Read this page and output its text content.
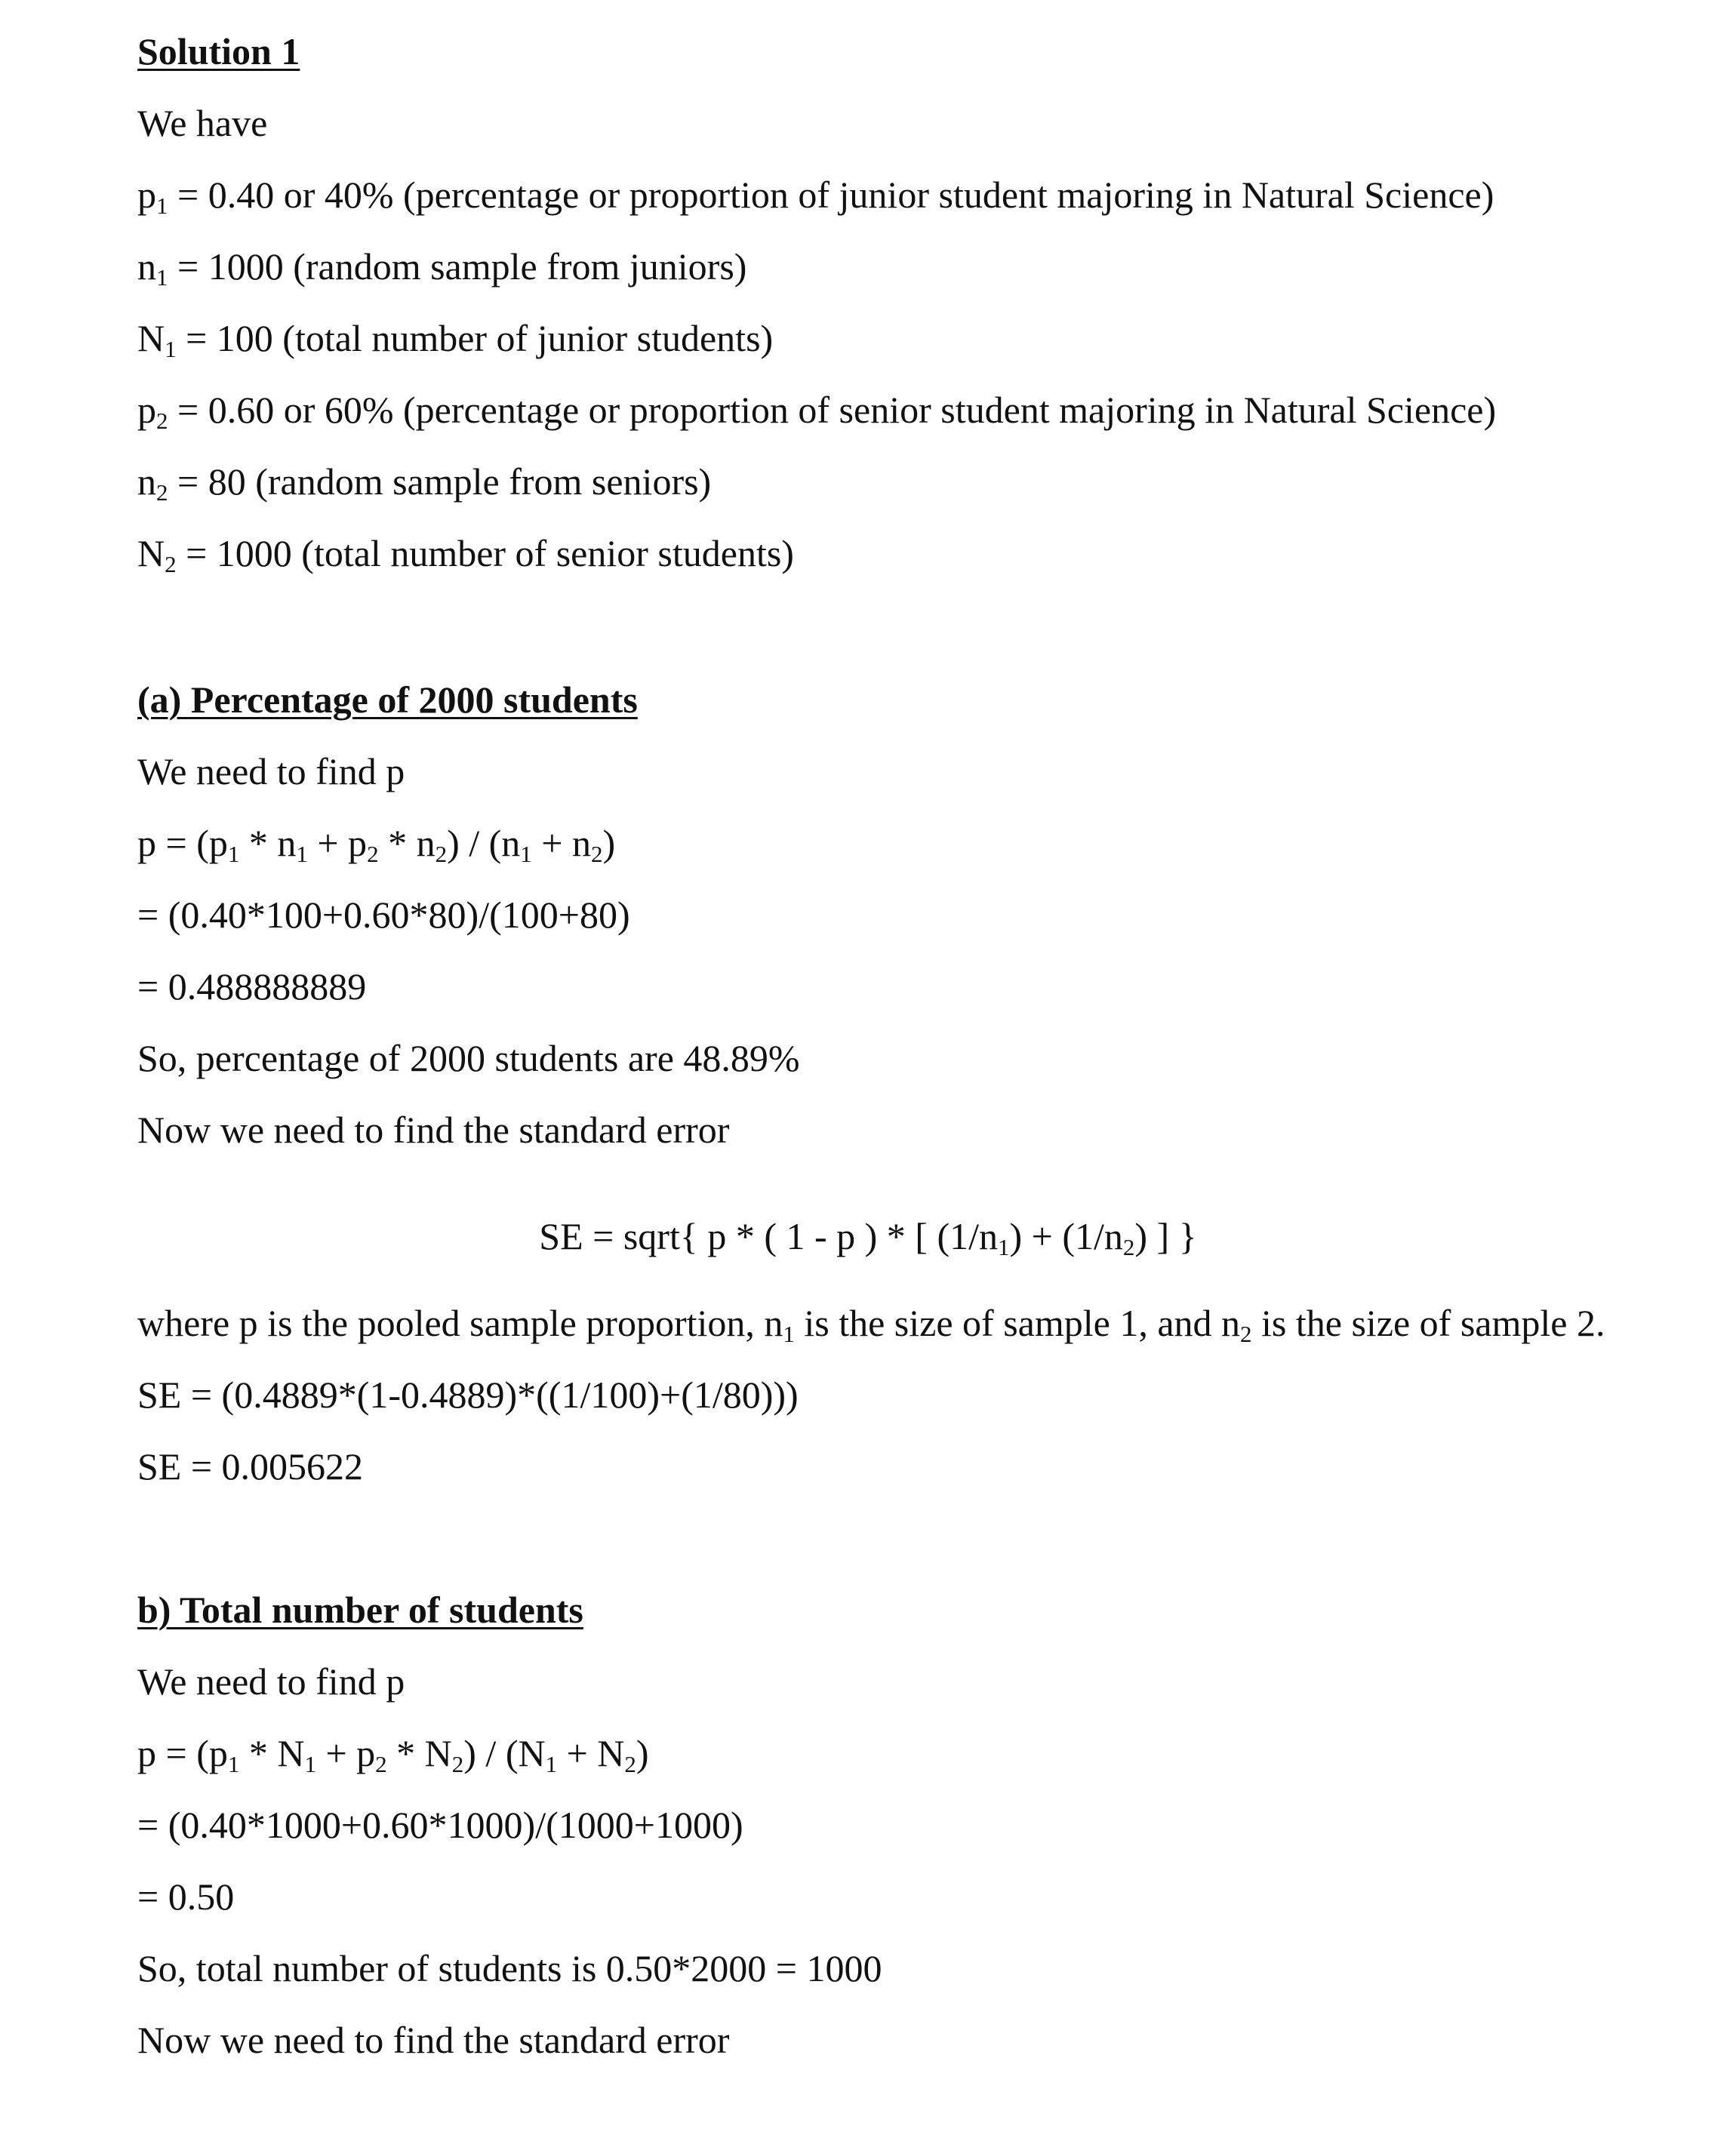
Solution 1
We have
$p_1 = 0.40$ or 40% (percentage or proportion of junior student majoring in Natural Science)
$n_1 = 1000$ (random sample from juniors)
$N_1 = 100$ (total number of junior students)
$p_2 = 0.60$ or 60% (percentage or proportion of senior student majoring in Natural Science)
$n_2 = 80$ (random sample from seniors)
$N_2 = 1000$ (total number of senior students)
(a) Percentage of 2000 students
We need to find p
$p = (p_1 * n_1 + p_2 * n_2) / (n_1 + n_2)$
= (0.40*100+0.60*80)/(100+80)
= 0.488888889
So, percentage of 2000 students are 48.89%
Now we need to find the standard error
SE = sqrt{ p * ( 1 - p ) * [ $(1/n_1) + (1/n_2)$ ] }
where p is the pooled sample proportion, $n_1$ is the size of sample 1, and $n_2$ is the size of sample 2.
SE = (0.4889*(1-0.4889)*((1/100)+(1/80)))
SE = 0.005622
b) Total number of students
We need to find p
$p = (p_1 * N_1 + p_2 * N_2) / (N_1 + N_2)$
= (0.40*1000+0.60*1000)/(1000+1000)
= 0.50
So, total number of students is 0.50*2000 = 1000
Now we need to find the standard error
